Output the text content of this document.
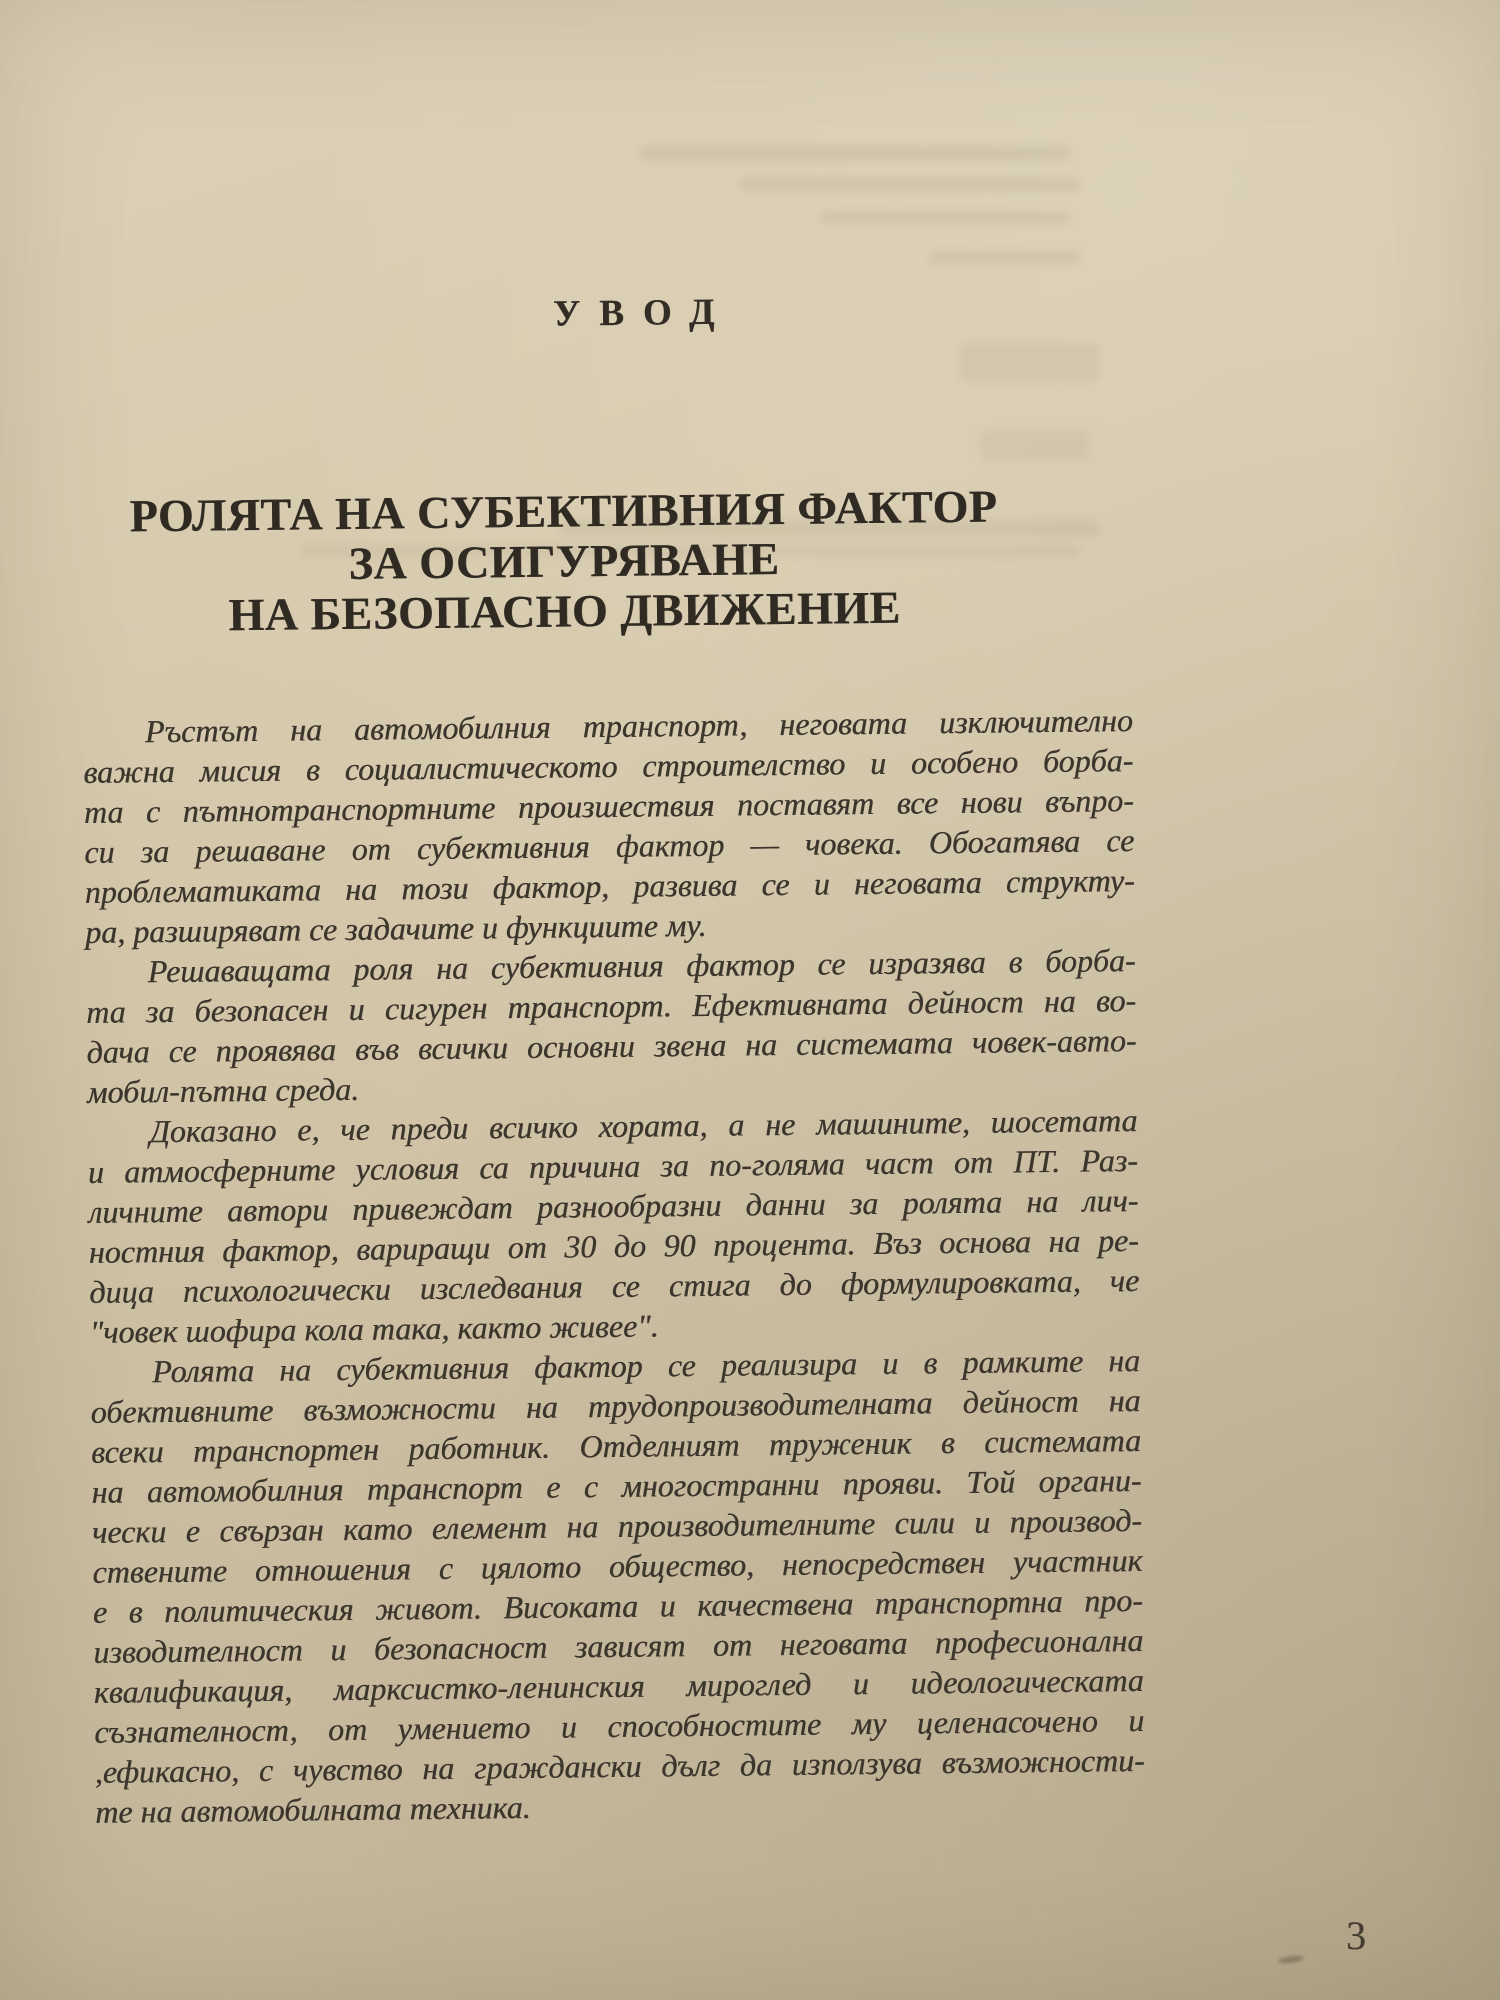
УВОД
РОЛЯТА НА СУБЕКТИВНИЯ ФАКТОР
ЗА ОСИГУРЯВАНЕ
НА БЕЗОПАСНО ДВИЖЕНИЕ
Ръстът на автомобилния транспорт, неговата изключително
важна мисия в социалистическото строителство и особено борба-
та с пътнотранспортните произшествия поставят все нови въпро-
си за решаване от субективния фактор — човека. Обогатява се
проблематиката на този фактор, развива се и неговата структу-
ра, разширяват се задачите и функциите му.
Решаващата роля на субективния фактор се изразява в борба-
та за безопасен и сигурен транспорт. Ефективната дейност на во-
дача се проявява във всички основни звена на системата човек-авто-
мобил-пътна среда.
Доказано е, че преди всичко хората, а не машините, шосетата
и атмосферните условия са причина за по-голяма част от ПТ. Раз-
личните автори привеждат разнообразни данни за ролята на лич-
ностния фактор, вариращи от 30 до 90 процента. Въз основа на ре-
дица психологически изследвания се стига до формулировката, че
"човек шофира кола така, както живее".
Ролята на субективния фактор се реализира и в рамките на
обективните възможности на трудопроизводителната дейност на
всеки транспортен работник. Отделният труженик в системата
на автомобилния транспорт е с многостранни прояви. Той органи-
чески е свързан като елемент на производителните сили и производ-
ствените отношения с цялото общество, непосредствен участник
е в политическия живот. Високата и качествена транспортна про-
изводителност и безопасност зависят от неговата професионална
квалификация, марксистко-ленинския мироглед и идеологическата
съзнателност, от умението и способностите му целенасочено и
,ефикасно, с чувство на граждански дълг да използува възможности-
те на автомобилната техника.
3
